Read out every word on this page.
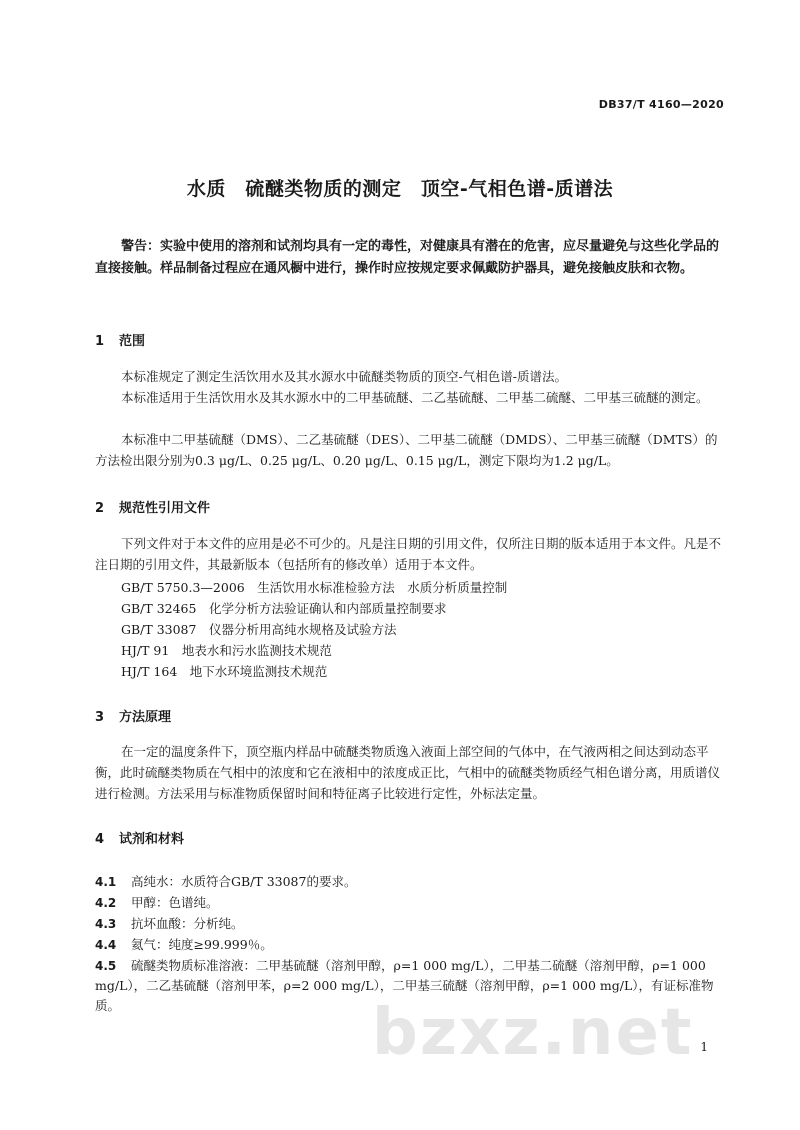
DB37/T 4160—2020
水质　硫醚类物质的测定　顶空-气相色谱-质谱法
警告：实验中使用的溶剂和试剂均具有一定的毒性，对健康具有潜在的危害，应尽量避免与这些化学品的直接接触。样品制备过程应在通风橱中进行，操作时应按规定要求佩戴防护器具，避免接触皮肤和衣物。
1 范围
本标准规定了测定生活饮用水及其水源水中硫醚类物质的顶空-气相色谱-质谱法。
本标准适用于生活饮用水及其水源水中的二甲基硫醚、二乙基硫醚、二甲基二硫醚、二甲基三硫醚的测定。
本标准中二甲基硫醚（DMS）、二乙基硫醚（DES）、二甲基二硫醚（DMDS）、二甲基三硫醚（DMTS）的方法检出限分别为0.3 μg/L、0.25 μg/L、0.20 μg/L、0.15 μg/L，测定下限均为1.2 μg/L。
2 规范性引用文件
下列文件对于本文件的应用是必不可少的。凡是注日期的引用文件，仅所注日期的版本适用于本文件。凡是不注日期的引用文件，其最新版本（包括所有的修改单）适用于本文件。
GB/T 5750.3—2006　生活饮用水标准检验方法　水质分析质量控制
GB/T 32465　化学分析方法验证确认和内部质量控制要求
GB/T 33087　仪器分析用高纯水规格及试验方法
HJ/T 91　地表水和污水监测技术规范
HJ/T 164　地下水环境监测技术规范
3 方法原理
在一定的温度条件下，顶空瓶内样品中硫醚类物质逸入液面上部空间的气体中，在气液两相之间达到动态平衡，此时硫醚类物质在气相中的浓度和它在液相中的浓度成正比，气相中的硫醚类物质经气相色谱分离，用质谱仪进行检测。方法采用与标准物质保留时间和特征离子比较进行定性，外标法定量。
4 试剂和材料
4.1 高纯水：水质符合GB/T 33087的要求。
4.2 甲醇：色谱纯。
4.3 抗坏血酸：分析纯。
4.4 氦气：纯度≥99.999％。
4.5 硫醚类物质标准溶液：二甲基硫醚（溶剂甲醇，ρ=1 000 mg/L），二甲基二硫醚（溶剂甲醇，ρ=1 000 mg/L），二乙基硫醚（溶剂甲苯，ρ=2 000 mg/L），二甲基三硫醚（溶剂甲醇，ρ=1 000 mg/L），有证标准物质。	bzxz.net 1
